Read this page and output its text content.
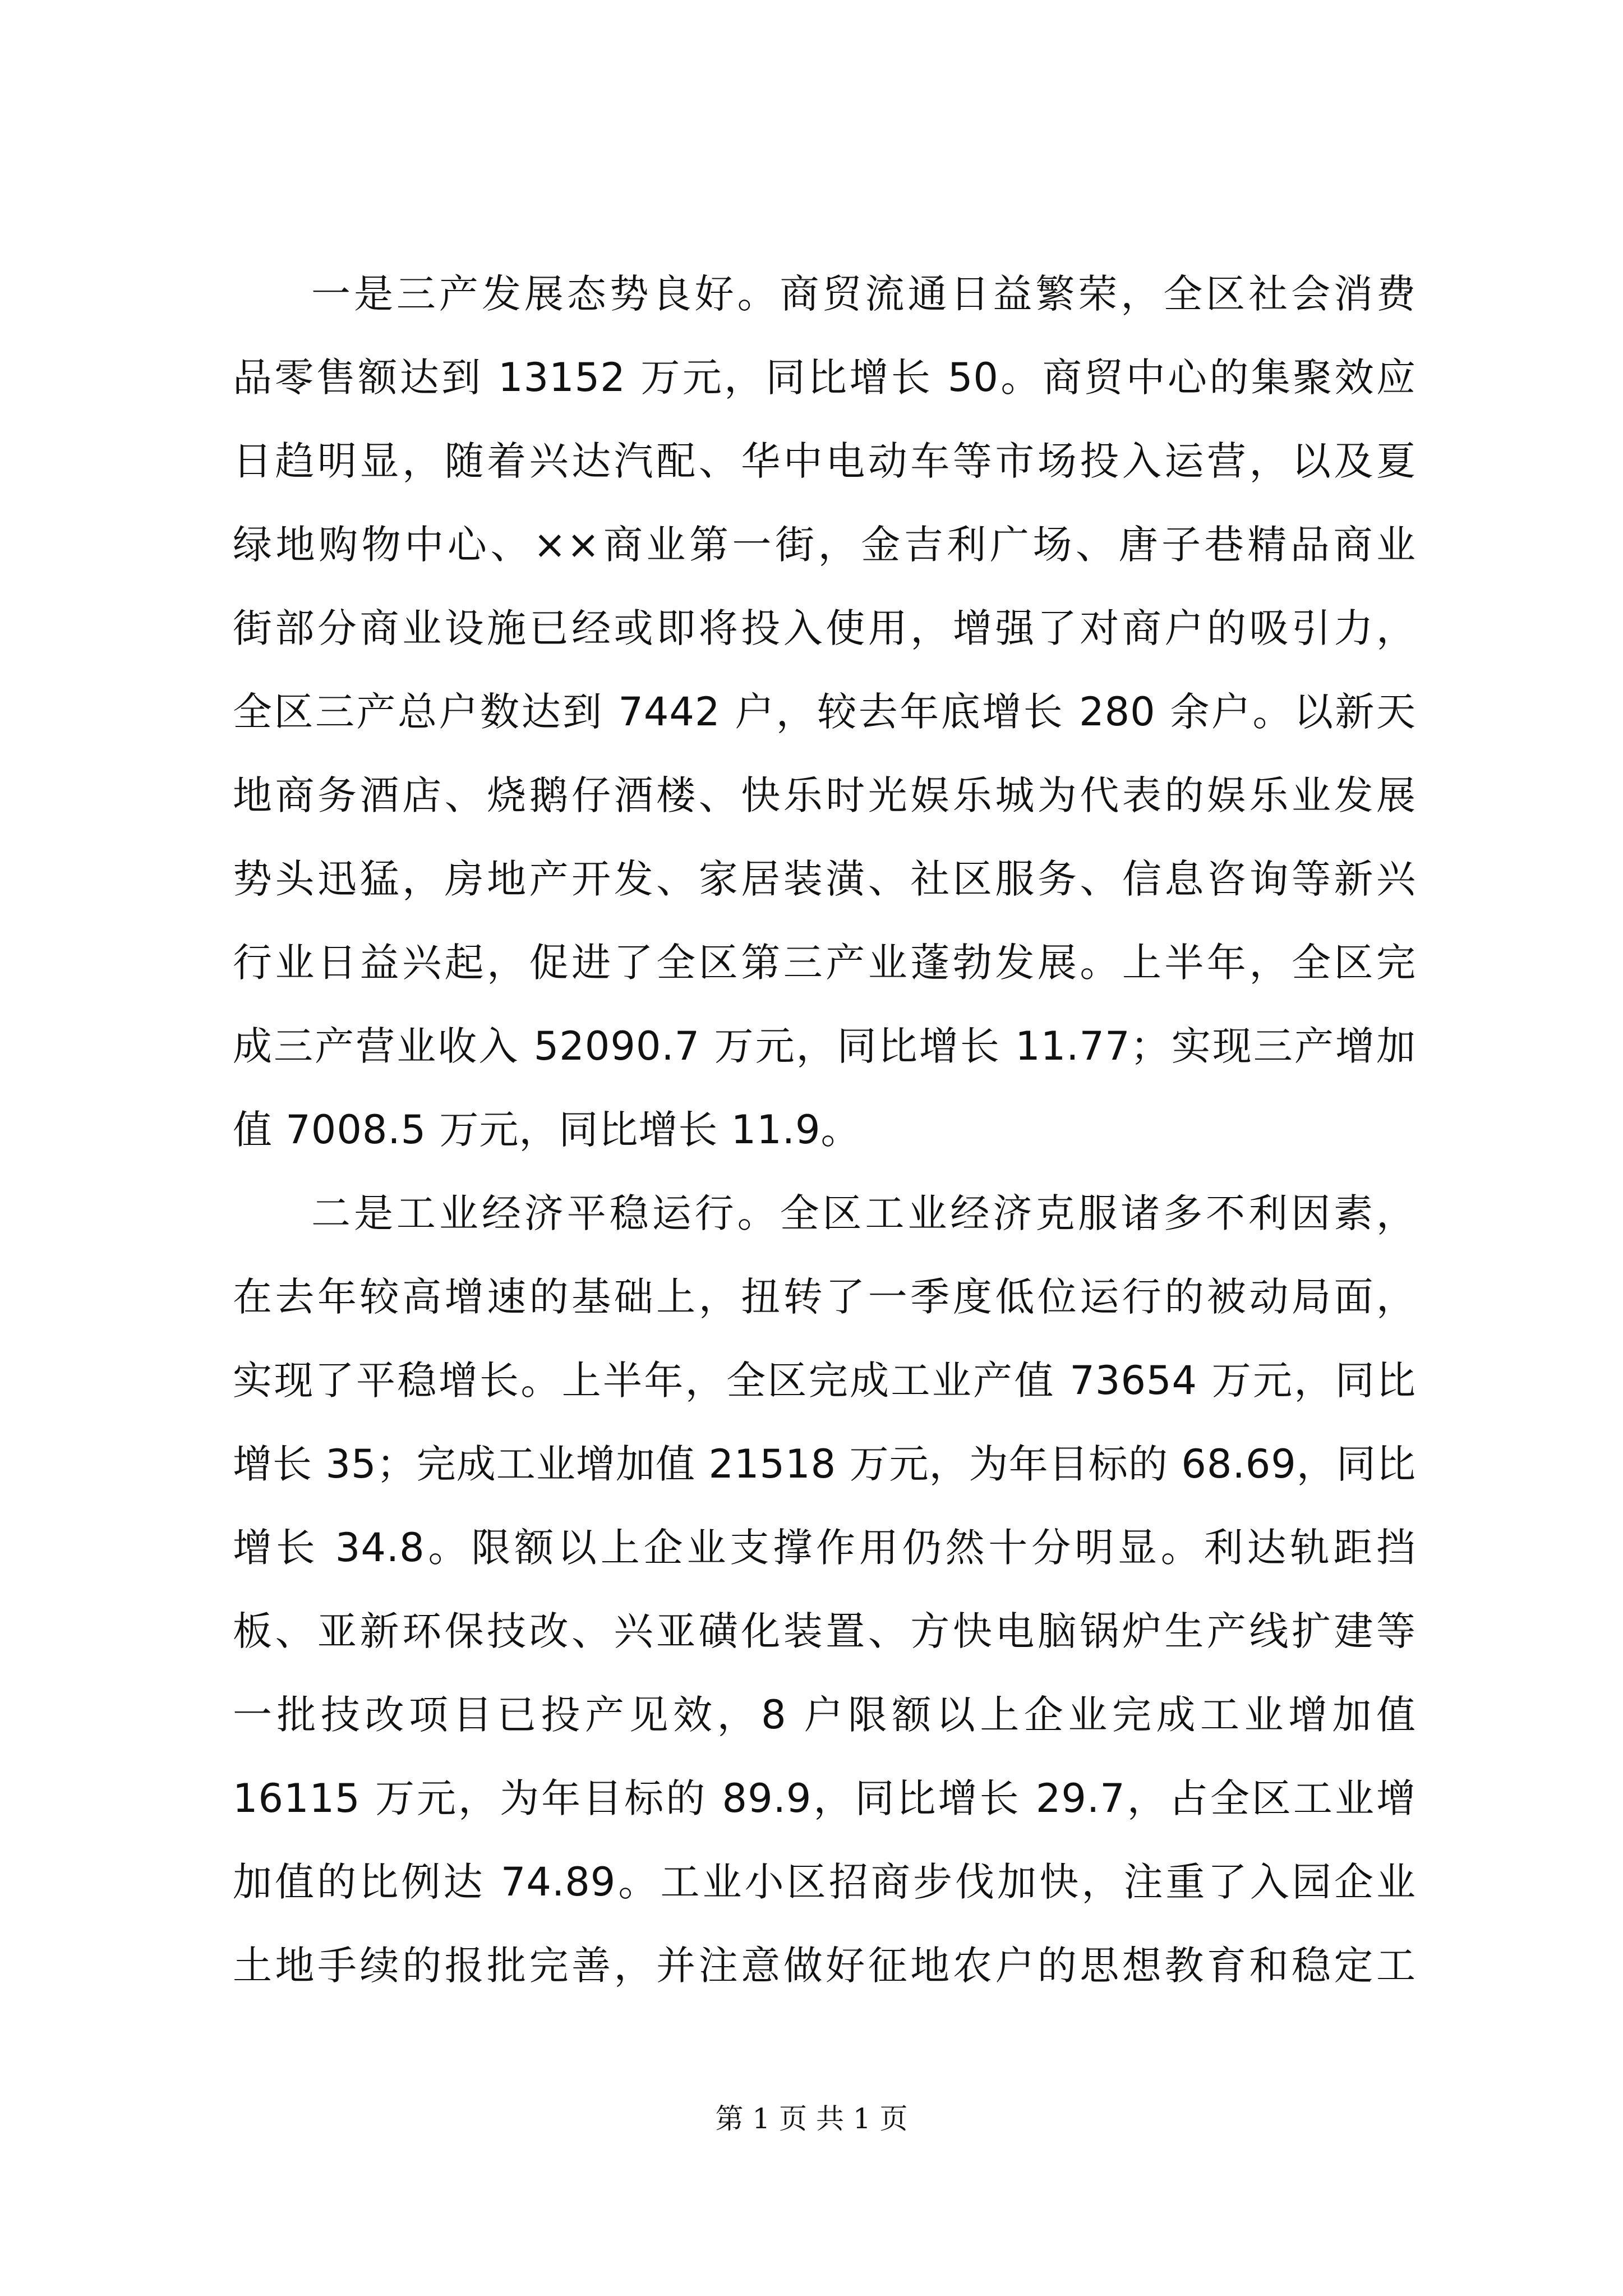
一是三产发展态势良好。商贸流通日益繁荣，全区社会消费
品零售额达到 13152 万元，同比增长 50。商贸中心的集聚效应
日趋明显，随着兴达汽配、华中电动车等市场投入运营，以及夏
绿地购物中心、××商业第一街，金吉利广场、唐子巷精品商业
街部分商业设施已经或即将投入使用，增强了对商户的吸引力，
全区三产总户数达到 7442 户，较去年底增长 280 余户。以新天
地商务酒店、烧鹅仔酒楼、快乐时光娱乐城为代表的娱乐业发展
势头迅猛，房地产开发、家居装潢、社区服务、信息咨询等新兴
行业日益兴起，促进了全区第三产业蓬勃发展。上半年，全区完
成三产营业收入 52090.7 万元，同比增长 11.77；实现三产增加
值 7008.5 万元，同比增长 11.9。
二是工业经济平稳运行。全区工业经济克服诸多不利因素，
在去年较高增速的基础上，扭转了一季度低位运行的被动局面，
实现了平稳增长。上半年，全区完成工业产值 73654 万元，同比
增长 35；完成工业增加值 21518 万元，为年目标的 68.69，同比
增长 34.8。限额以上企业支撑作用仍然十分明显。利达轨距挡
板、亚新环保技改、兴亚磺化装置、方快电脑锅炉生产线扩建等
一批技改项目已投产见效，8 户限额以上企业完成工业增加值
16115 万元，为年目标的 89.9，同比增长 29.7，占全区工业增
加值的比例达 74.89。工业小区招商步伐加快，注重了入园企业
土地手续的报批完善，并注意做好征地农户的思想教育和稳定工
第 1 页 共 1 页
